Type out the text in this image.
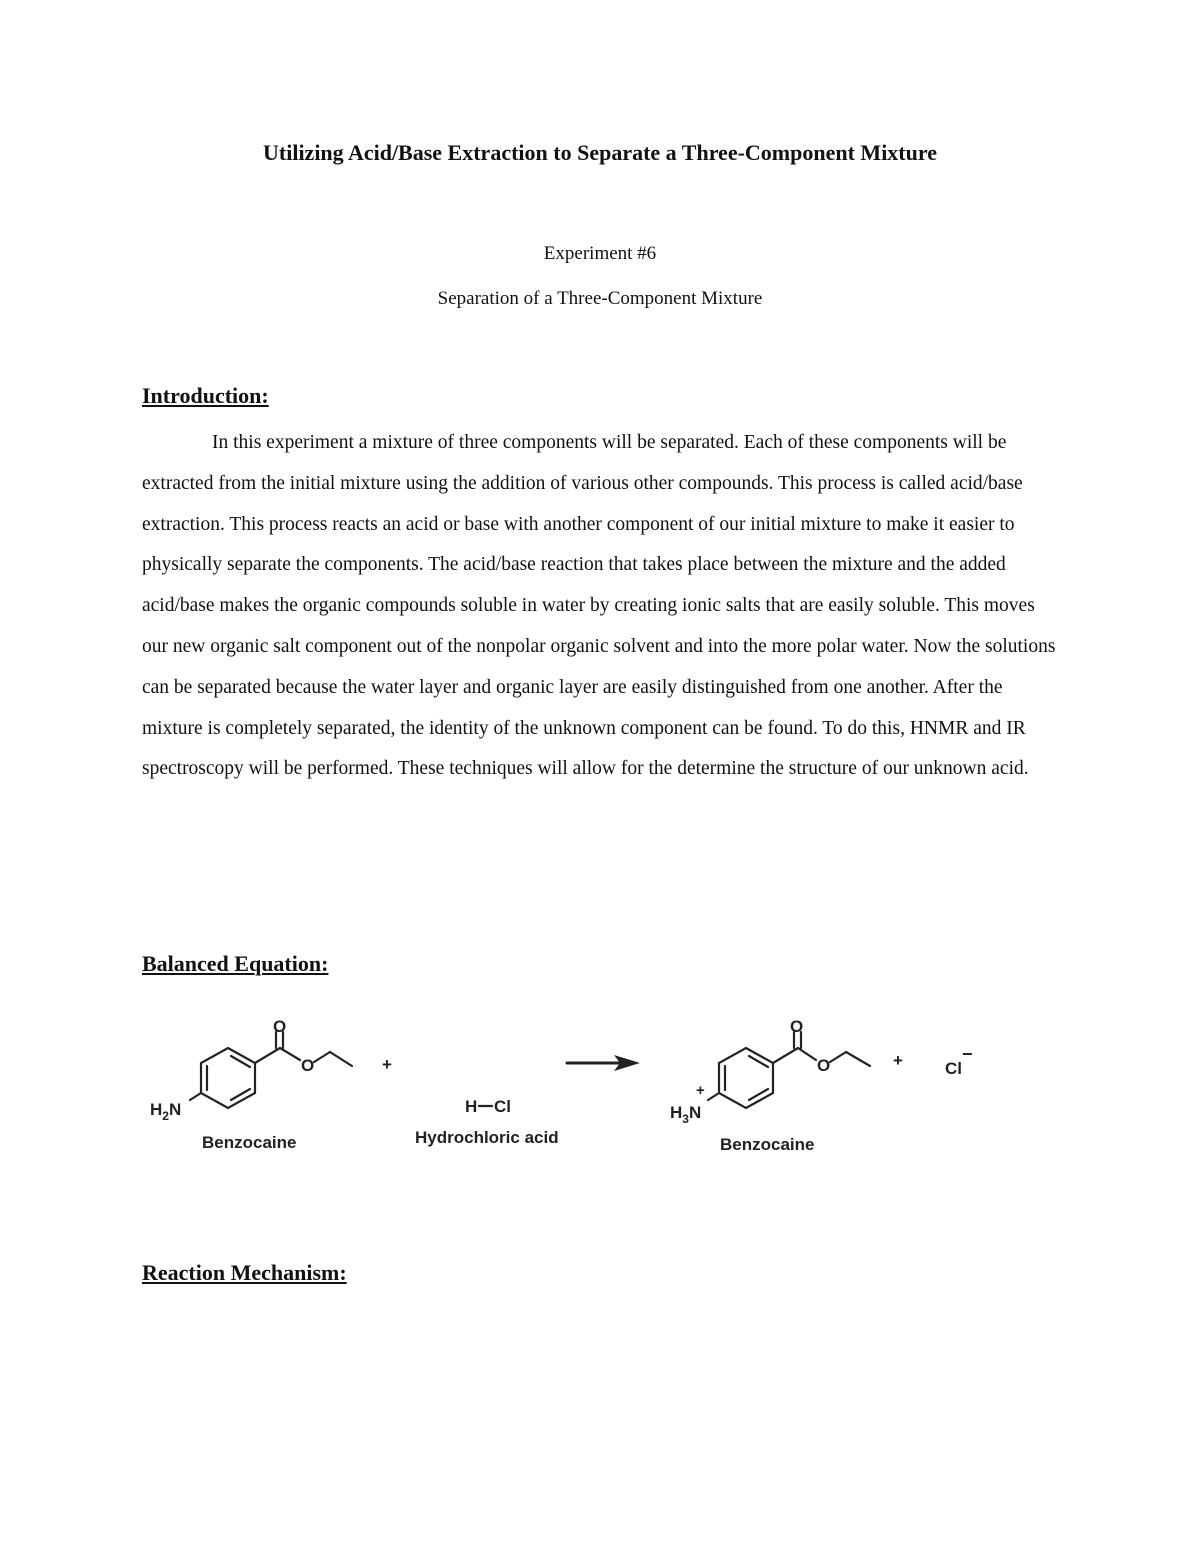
Utilizing Acid/Base Extraction to Separate a Three-Component Mixture

Experiment #6

Separation of a Three-Component Mixture

Introduction:

In this experiment a mixture of three components will be separated. Each of these components will be extracted from the initial mixture using the addition of various other compounds. This process is called acid/base extraction. This process reacts an acid or base with another component of our initial mixture to make it easier to physically separate the components. The acid/base reaction that takes place between the mixture and the added acid/base makes the organic compounds soluble in water by creating ionic salts that are easily soluble. This moves our new organic salt component out of the nonpolar organic solvent and into the more polar water. Now the solutions can be separated because the water layer and organic layer are easily distinguished from one another. After the mixture is completely separated, the identity of the unknown component can be found. To do this, HNMR and IR spectroscopy will be performed. These techniques will allow for the determine the structure of our unknown acid.

Balanced Equation:
O
O
$H_2N$
Benzocaine
+
H Cl
Hydrochloric acid
O
O
+
$H_3N$
Benzocaine
+ Cl
−
Reaction Mechanism:
